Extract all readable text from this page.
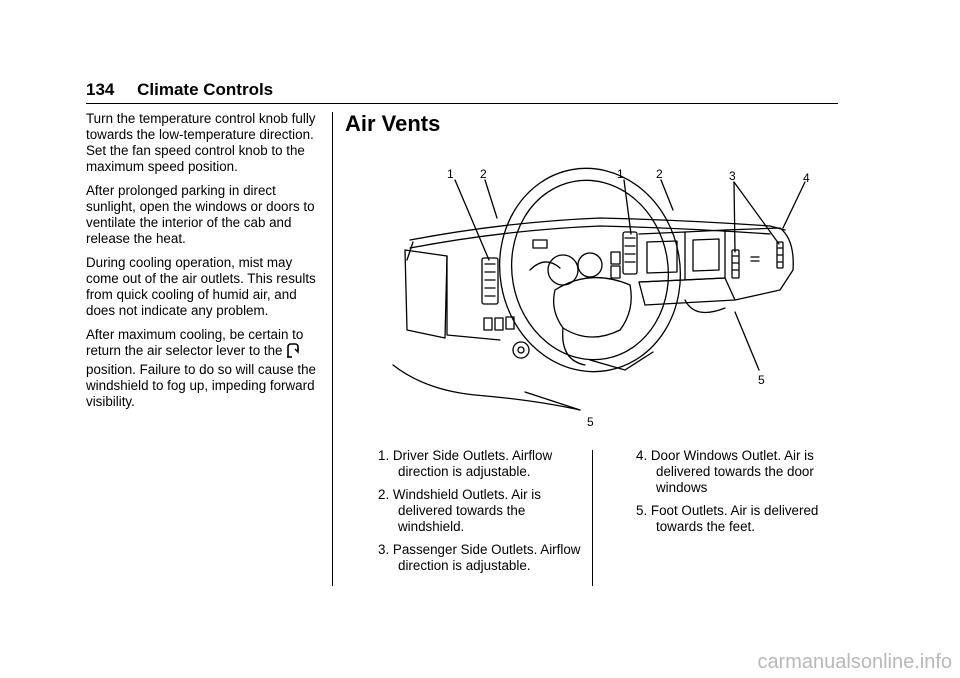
134 Climate Controls

Turn the temperature control knob fully towards the low-temperature direction. Set the fan speed control knob to the maximum speed position.

After prolonged parking in direct sunlight, open the windows or doors to ventilate the interior of the cab and release the heat.

During cooling operation, mist may come out of the air outlets. This results from quick cooling of humid air, and does not indicate any problem.

After maximum cooling, be certain to return the air selector lever to the position. Failure to do so will cause the windshield to fog up, impeding forward visibility.

Air Vents
1 2	1	2	3	4
5
5
1. Driver Side Outlets. Airflow direction is adjustable.
2. Windshield Outlets. Air is delivered towards the windshield.
3. Passenger Side Outlets. Airflow direction is adjustable.
4. Door Windows Outlet. Air is delivered towards the door windows
5. Foot Outlets. Air is delivered towards the feet.
carmanualsonline.info
